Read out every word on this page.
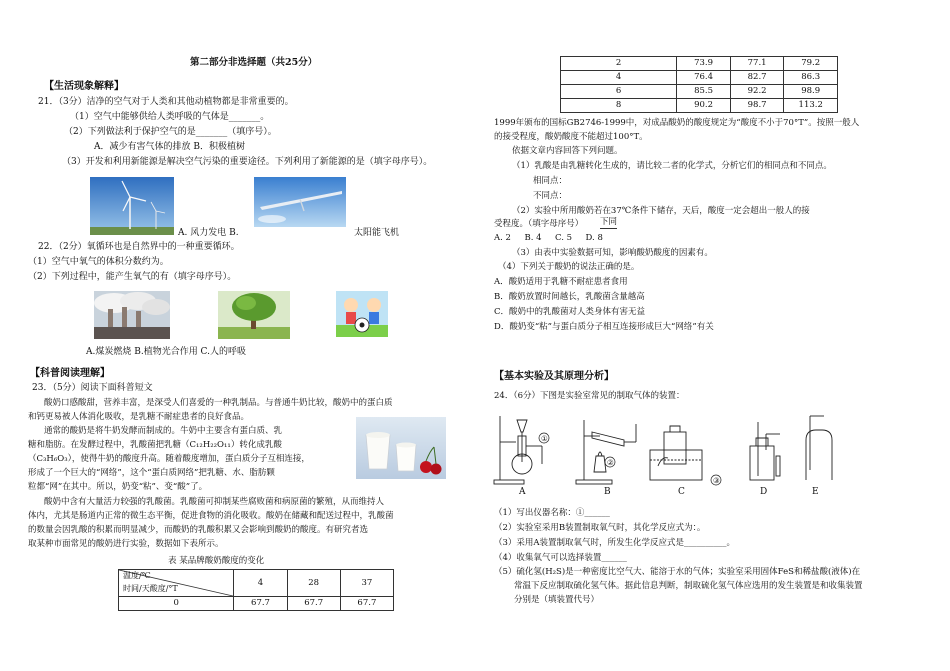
第二部分非选择题（共25分）
【生活现象解释】
21．（3分）洁净的空气对于人类和其他动植物都是非常重要的。
（1）空气中能够供给人类呼吸的气体是_______。
（2）下列做法利于保护空气的是_______（填序号）。
A．减少有害气体的排放 B．积极植树
（3）开发和利用新能源是解决空气污染的重要途径。下列利用了新能源的是（填字母序号）。
A. 风力发电 B.	太阳能飞机
22．（2分）氧循环也是自然界中的一种重要循环。
（1）空气中氧气的体积分数约为。
（2）下列过程中，能产生氧气的有（填字母序号）。
A.煤炭燃烧 B.植物光合作用 C.人的呼吸
【科普阅读理解】
23．（5分）阅读下面科普短文
酸奶口感酸甜，营养丰富，是深受人们喜爱的一种乳制品。与普通牛奶比较，酸奶中的蛋白质
和钙更易被人体消化吸收，是乳糖不耐症患者的良好食品。
通常的酸奶是将牛奶发酵而制成的。牛奶中主要含有蛋白质、乳
糖和脂肪。在发酵过程中，乳酸菌把乳糖（C₁₂H₂₂O₁₁）转化成乳酸
（C₃H₆O₃），使得牛奶的酸度升高。随着酸度增加，蛋白质分子互相连接，
形成了一个巨大的“网络”，这个“蛋白质网络”把乳糖、水、脂肪颗
粒都“网”在其中。所以，奶变“粘”、变“酸”了。
酸奶中含有大量活力较强的乳酸菌。乳酸菌可抑制某些腐败菌和病原菌的繁殖，从而维持人
体内，尤其是肠道内正常的微生态平衡，促进食物的消化吸收。酸奶在储藏和配送过程中，乳酸菌
的数量会因乳酸的积累而明显减少，而酸奶的乳酸积累又会影响到酸奶的酸度。有研究者选
取某种市面常见的酸奶进行实验，数据如下表所示。
表 某品牌酸奶酸度的变化
温度/℃
时间/天酸度/°T	4	28	37
0	67.7	67.7	67.7
2	73.9	77.1	79.2
4	76.4	82.7	86.3
6	85.5	92.2	98.9
8	90.2	98.7	113.2
1999年颁布的国标GB2746-1999中，对成品酸奶的酸度规定为“酸度不小于70°T”。按照一般人
的接受程度，酸奶酸度不能超过100°T。
依据文章内容回答下列问题。
（1）乳酸是由乳糖转化生成的，请比较二者的化学式，分析它们的相同点和不同点。
相同点：
不同点：
（2）实验中所用酸奶若在37℃条件下储存，天后，酸度一定会超出一般人的接
受程度。（填字母序号） 下同
A. 2     B. 4     C. 5     D. 8
（3）由表中实验数据可知，影响酸奶酸度的因素有。
（4）下列关于酸奶的说法正确的是。
A．酸奶适用于乳糖不耐症患者食用
B．酸奶放置时间越长，乳酸菌含量越高
C．酸奶中的乳酸菌对人类身体有害无益
D．酸奶变“粘”与蛋白质分子相互连接形成巨大“网络”有关
【基本实验及其原理分析】
24．（6分）下图是实验室常见的制取气体的装置：
A	B	C	D	E
①
②
③
（1）写出仪器名称：①______
（2）实验室采用B装置制取氧气时，其化学反应式为：。
（3）采用A装置制取氧气时，所发生化学反应式是__________。
（4）收集氧气可以选择装置______
（5）硫化氢(H₂S)是一种密度比空气大、能溶于水的气体；实验室采用固体FeS和稀盐酸(液体)在
常温下反应制取硫化氢气体。据此信息判断，制取硫化氢气体应选用的发生装置是和收集装置
分别是（填装置代号）
